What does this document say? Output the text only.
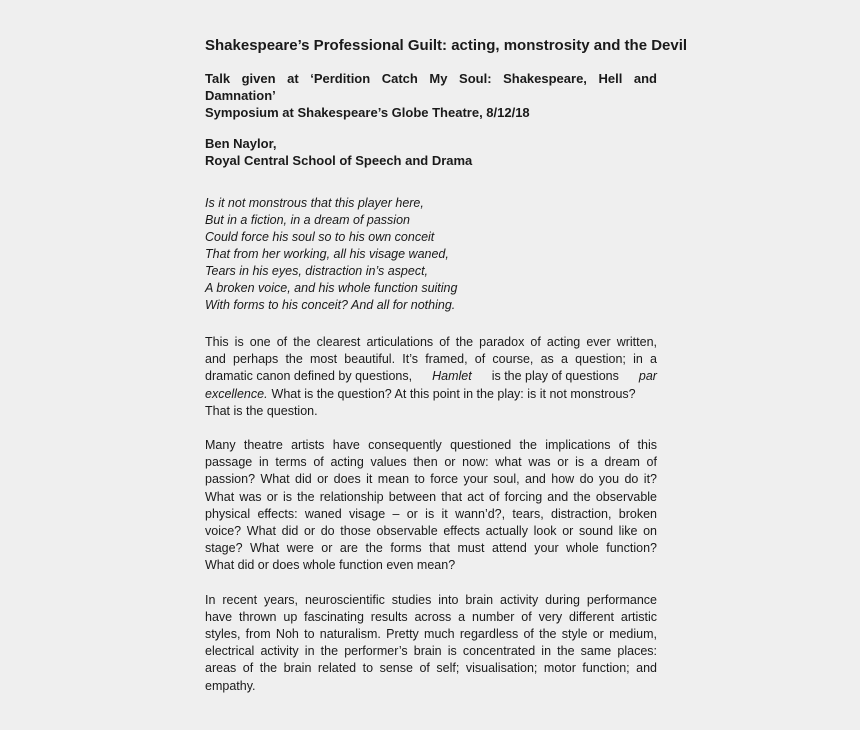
Shakespeare’s Professional Guilt: acting, monstrosity and the Devil
Talk given at ‘Perdition Catch My Soul: Shakespeare, Hell and Damnation’
Symposium at Shakespeare’s Globe Theatre, 8/12/18
Ben Naylor,
Royal Central School of Speech and Drama
Is it not monstrous that this player here,
But in a fiction, in a dream of passion
Could force his soul so to his own conceit
That from her working, all his visage waned,
Tears in his eyes, distraction in’s aspect,
A broken voice, and his whole function suiting
With forms to his conceit? And all for nothing.
This is one of the clearest articulations of the paradox of acting ever written,
and perhaps the most beautiful. It’s framed, of course, as a question; in a
dramatic canon defined by questions, Hamlet is the play of questions par
excellence. What is the question? At this point in the play: is it not monstrous?
That is the question.
Many theatre artists have consequently questioned the implications of this
passage in terms of acting values then or now: what was or is a dream of
passion? What did or does it mean to force your soul, and how do you do it?
What was or is the relationship between that act of forcing and the observable
physical effects: waned visage – or is it wann’d?, tears, distraction, broken
voice? What did or do those observable effects actually look or sound like on
stage? What were or are the forms that must attend your whole function?
What did or does whole function even mean?
In recent years, neuroscientific studies into brain activity during performance
have thrown up fascinating results across a number of very different artistic
styles, from Noh to naturalism. Pretty much regardless of the style or medium,
electrical activity in the performer’s brain is concentrated in the same places:
areas of the brain related to sense of self; visualisation; motor function; and
empathy.
